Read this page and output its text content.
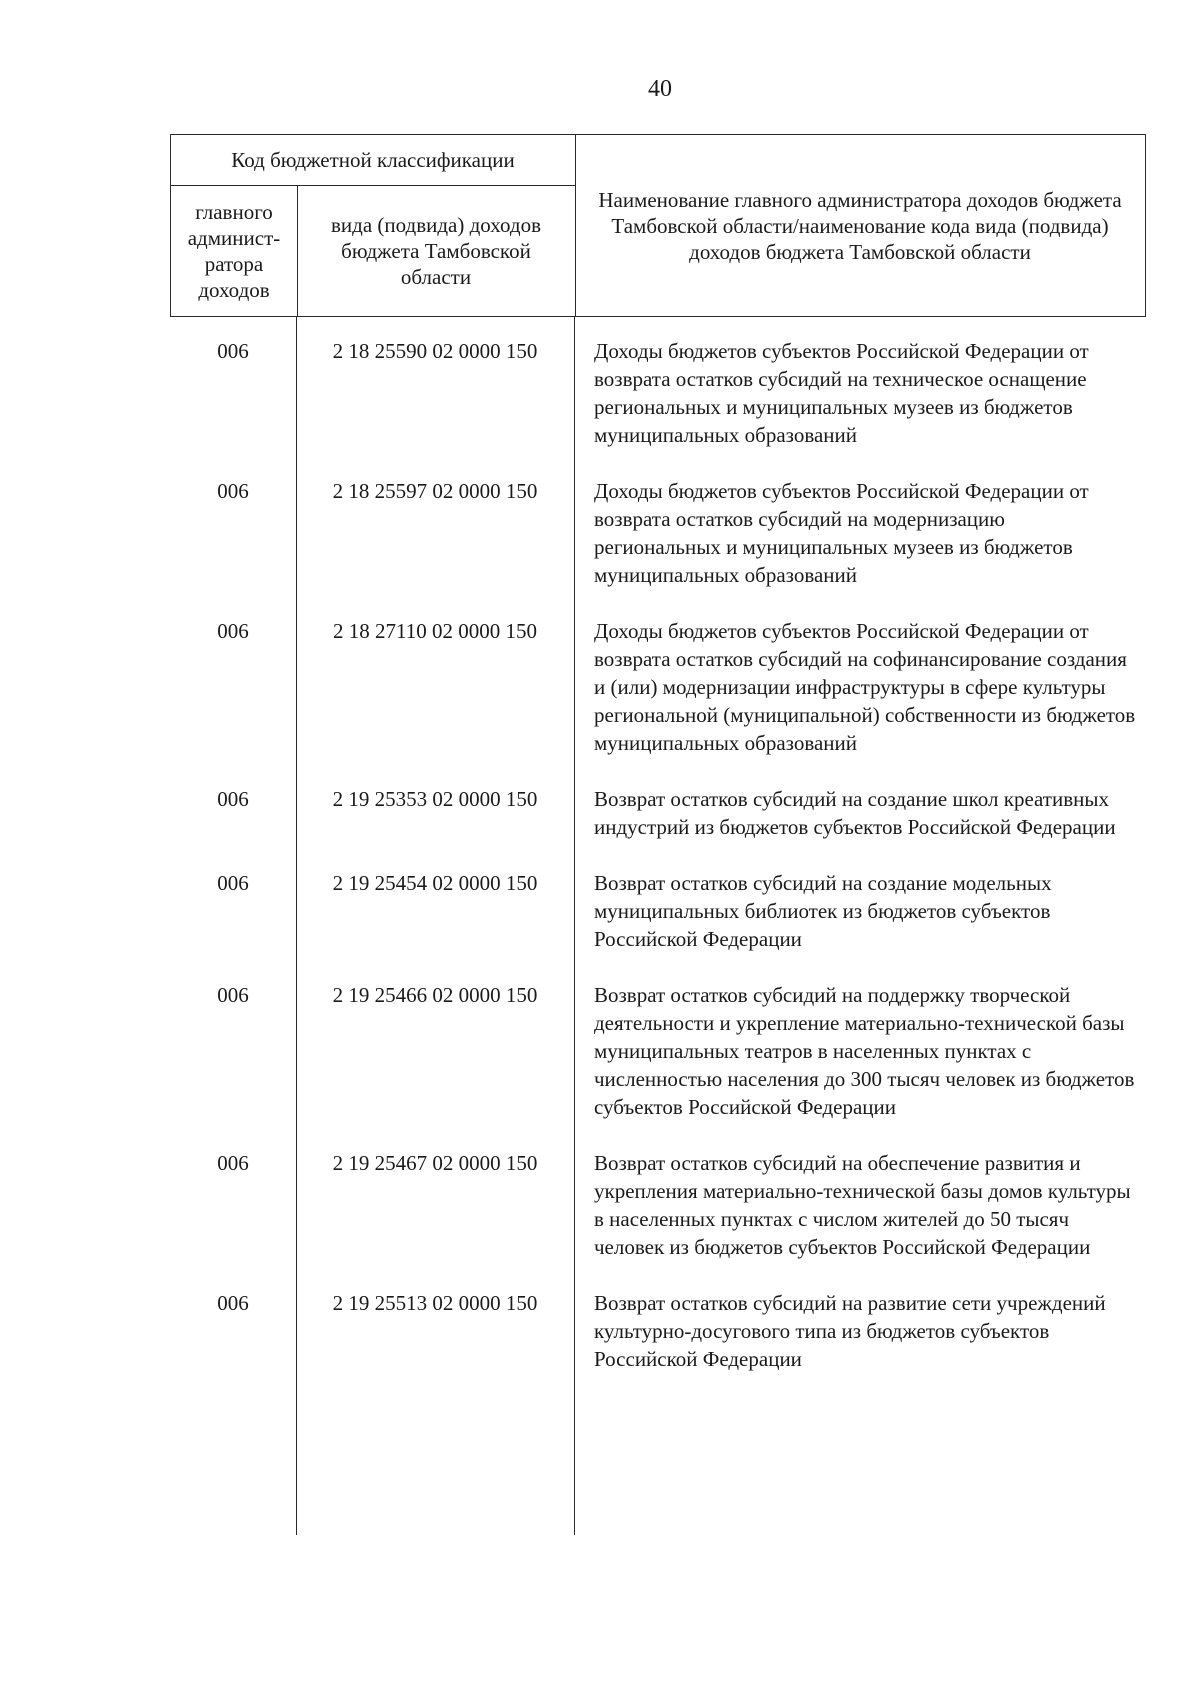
40
Код бюджетной классификации
главного админист-ратора доходов
вида (подвида) доходов бюджета Тамбовской области
Наименование главного администратора доходов бюджета Тамбовской области/наименование кода вида (подвида) доходов бюджета Тамбовской области
006	2 18 25590 02 0000 150	Доходы бюджетов субъектов Российской Федерации от возврата остатков субсидий на техническое оснащение региональных и муниципальных музеев из бюджетов муниципальных образований
006	2 18 25597 02 0000 150	Доходы бюджетов субъектов Российской Федерации от возврата остатков субсидий на модернизацию региональных и муниципальных музеев из бюджетов муниципальных образований
006	2 18 27110 02 0000 150	Доходы бюджетов субъектов Российской Федерации от возврата остатков субсидий на софинансирование создания и (или) модернизации инфраструктуры в сфере культуры региональной (муниципальной) собственности из бюджетов муниципальных образований
006	2 19 25353 02 0000 150	Возврат остатков субсидий на создание школ креативных индустрий из бюджетов субъектов Российской Федерации
006	2 19 25454 02 0000 150	Возврат остатков субсидий на создание модельных муниципальных библиотек из бюджетов субъектов Российской Федерации
006	2 19 25466 02 0000 150	Возврат остатков субсидий на поддержку творческой деятельности и укрепление материально-технической базы муниципальных театров в населенных пунктах с численностью населения до 300 тысяч человек из бюджетов субъектов Российской Федерации
006	2 19 25467 02 0000 150	Возврат остатков субсидий на обеспечение развития и укрепления материально-технической базы домов культуры в населенных пунктах с числом жителей до 50 тысяч человек из бюджетов субъектов Российской Федерации
006	2 19 25513 02 0000 150	Возврат остатков субсидий на развитие сети учреждений культурно-досугового типа из бюджетов субъектов Российской Федерации
